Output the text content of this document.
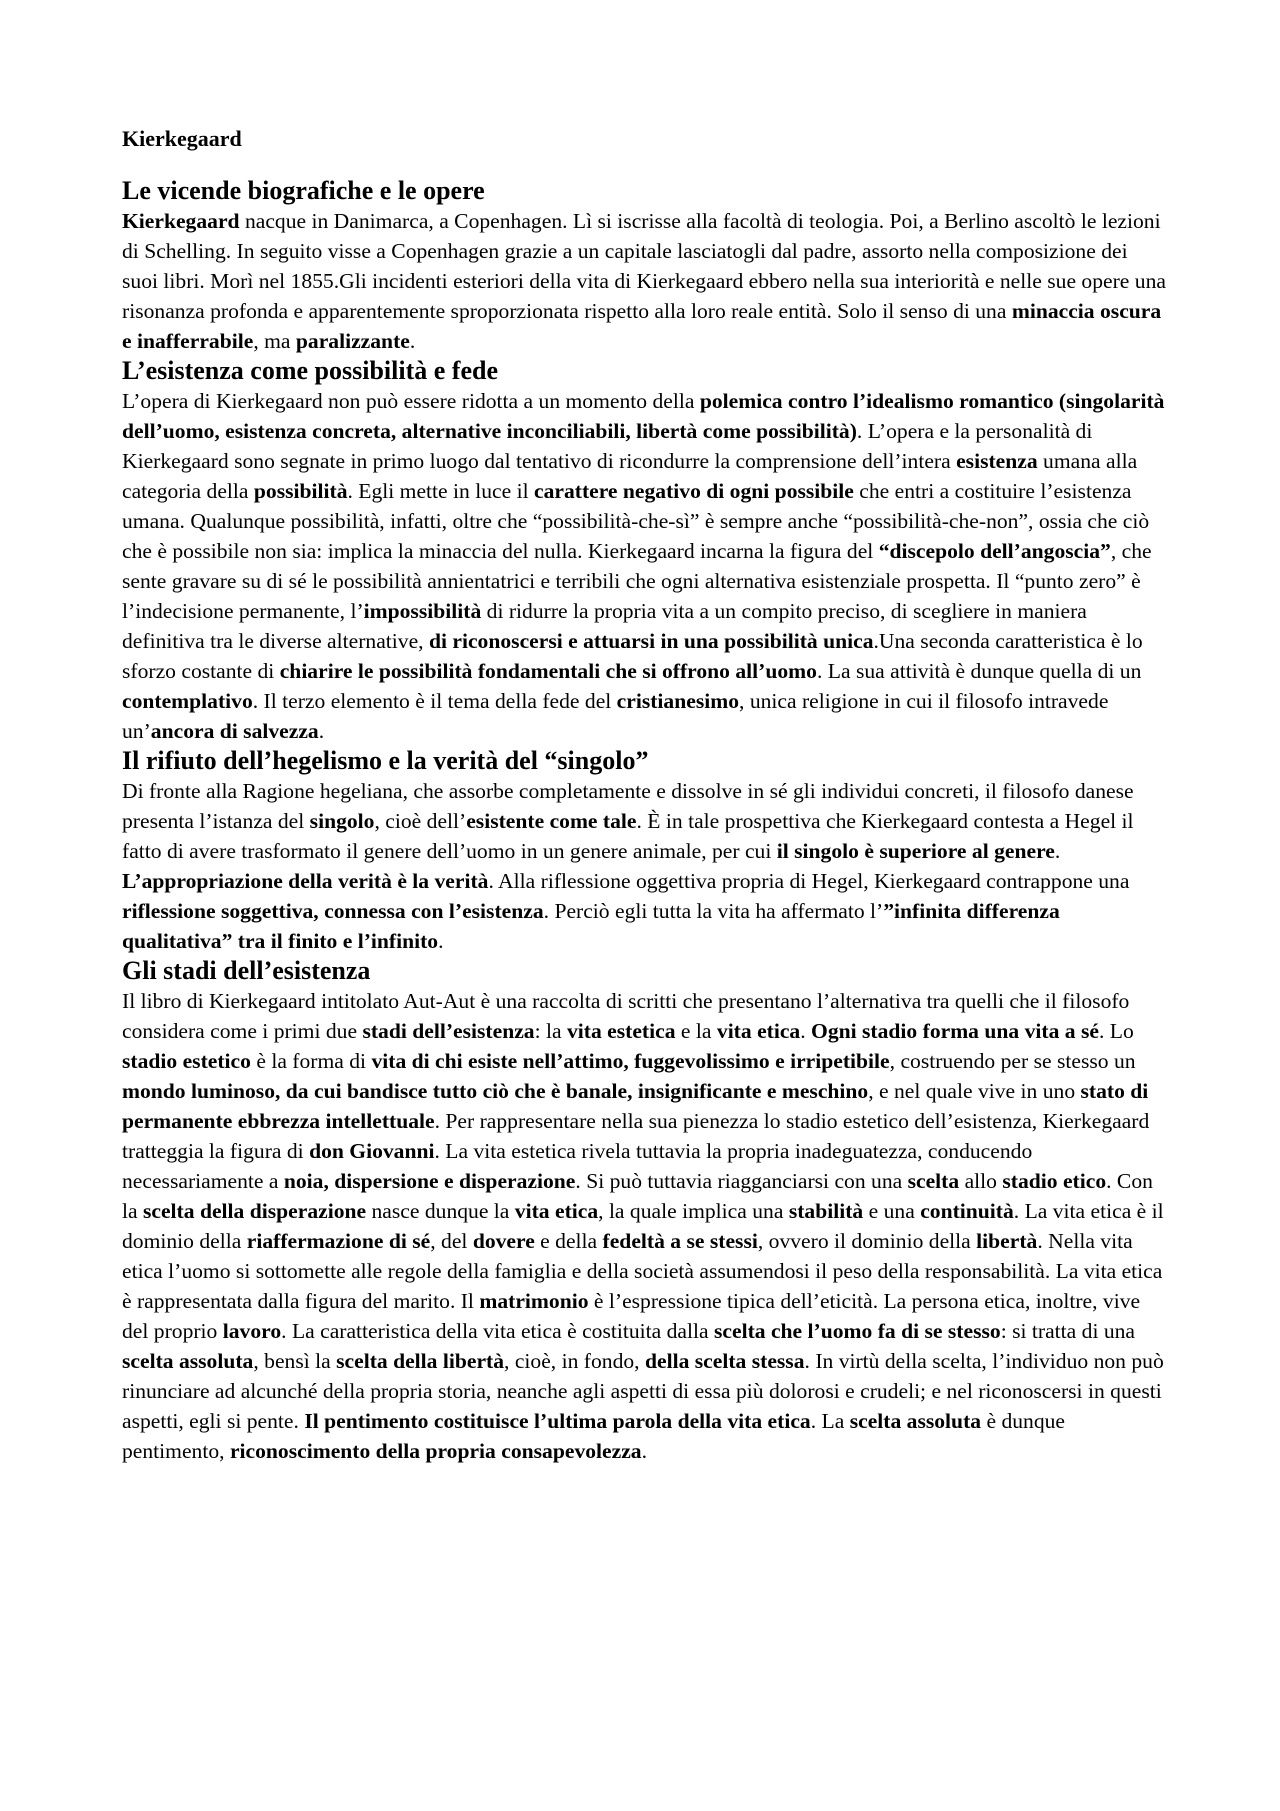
Kierkegaard
Le vicende biografiche e le opere

Kierkegaard nacque in Danimarca, a Copenhagen. Lì si iscrisse alla facoltà di teologia. Poi, a Berlino ascoltò le lezioni di Schelling. In seguito visse a Copenhagen grazie a un capitale lasciatogli dal padre, assorto nella composizione dei suoi libri. Morì nel 1855.Gli incidenti esteriori della vita di Kierkegaard ebbero nella sua interiorità e nelle sue opere una risonanza profonda e apparentemente sproporzionata rispetto alla loro reale entità. Solo il senso di una minaccia oscura e inafferrabile, ma paralizzante.

L’esistenza come possibilità e fede

L’opera di Kierkegaard non può essere ridotta a un momento della polemica contro l’idealismo romantico (singolarità dell’uomo, esistenza concreta, alternative inconciliabili, libertà come possibilità). L’opera e la personalità di Kierkegaard sono segnate in primo luogo dal tentativo di ricondurre la comprensione dell’intera esistenza umana alla categoria della possibilità. Egli mette in luce il carattere negativo di ogni possibile che entri a costituire l’esistenza umana. Qualunque possibilità, infatti, oltre che “possibilità-che-sì” è sempre anche “possibilità-che-non”, ossia che ciò che è possibile non sia: implica la minaccia del nulla. Kierkegaard incarna la figura del “discepolo dell’angoscia”, che sente gravare su di sé le possibilità annientatrici e terribili che ogni alternativa esistenziale prospetta. Il “punto zero” è l’indecisione permanente, l’impossibilità di ridurre la propria vita a un compito preciso, di scegliere in maniera definitiva tra le diverse alternative, di riconoscersi e attuarsi in una possibilità unica.Una seconda caratteristica è lo sforzo costante di chiarire le possibilità fondamentali che si offrono all’uomo. La sua attività è dunque quella di un contemplativo. Il terzo elemento è il tema della fede del cristianesimo, unica religione in cui il filosofo intravede un’ancora di salvezza.

Il rifiuto dell’hegelismo e la verità del “singolo”

Di fronte alla Ragione hegeliana, che assorbe completamente e dissolve in sé gli individui concreti, il filosofo danese presenta l’istanza del singolo, cioè dell’esistente come tale. È in tale prospettiva che Kierkegaard contesta a Hegel il fatto di avere trasformato il genere dell’uomo in un genere animale, per cui il singolo è superiore al genere. L’appropriazione della verità è la verità. Alla riflessione oggettiva propria di Hegel, Kierkegaard contrappone una riflessione soggettiva, connessa con l’esistenza. Perciò egli tutta la vita ha affermato l’”infinita differenza qualitativa” tra il finito e l’infinito.

Gli stadi dell’esistenza

Il libro di Kierkegaard intitolato Aut-Aut è una raccolta di scritti che presentano l’alternativa tra quelli che il filosofo considera come i primi due stadi dell’esistenza: la vita estetica e la vita etica. Ogni stadio forma una vita a sé. Lo stadio estetico è la forma di vita di chi esiste nell’attimo, fuggevolissimo e irripetibile, costruendo per se stesso un mondo luminoso, da cui bandisce tutto ciò che è banale, insignificante e meschino, e nel quale vive in uno stato di permanente ebbrezza intellettuale. Per rappresentare nella sua pienezza lo stadio estetico dell’esistenza, Kierkegaard tratteggia la figura di don Giovanni. La vita estetica rivela tuttavia la propria inadeguatezza, conducendo necessariamente a noia, dispersione e disperazione. Si può tuttavia riagganciarsi con una scelta allo stadio etico. Con la scelta della disperazione nasce dunque la vita etica, la quale implica una stabilità e una continuità. La vita etica è il dominio della riaffermazione di sé, del dovere e della fedeltà a se stessi, ovvero il dominio della libertà. Nella vita etica l’uomo si sottomette alle regole della famiglia e della società assumendosi il peso della responsabilità. La vita etica è rappresentata dalla figura del marito. Il matrimonio è l’espressione tipica dell’eticità. La persona etica, inoltre, vive del proprio lavoro. La caratteristica della vita etica è costituita dalla scelta che l’uomo fa di se stesso: si tratta di una scelta assoluta, bensì la scelta della libertà, cioè, in fondo, della scelta stessa. In virtù della scelta, l’individuo non può rinunciare ad alcunché della propria storia, neanche agli aspetti di essa più dolorosi e crudeli; e nel riconoscersi in questi aspetti, egli si pente. Il pentimento costituisce l’ultima parola della vita etica. La scelta assoluta è dunque pentimento, riconoscimento della propria consapevolezza.
